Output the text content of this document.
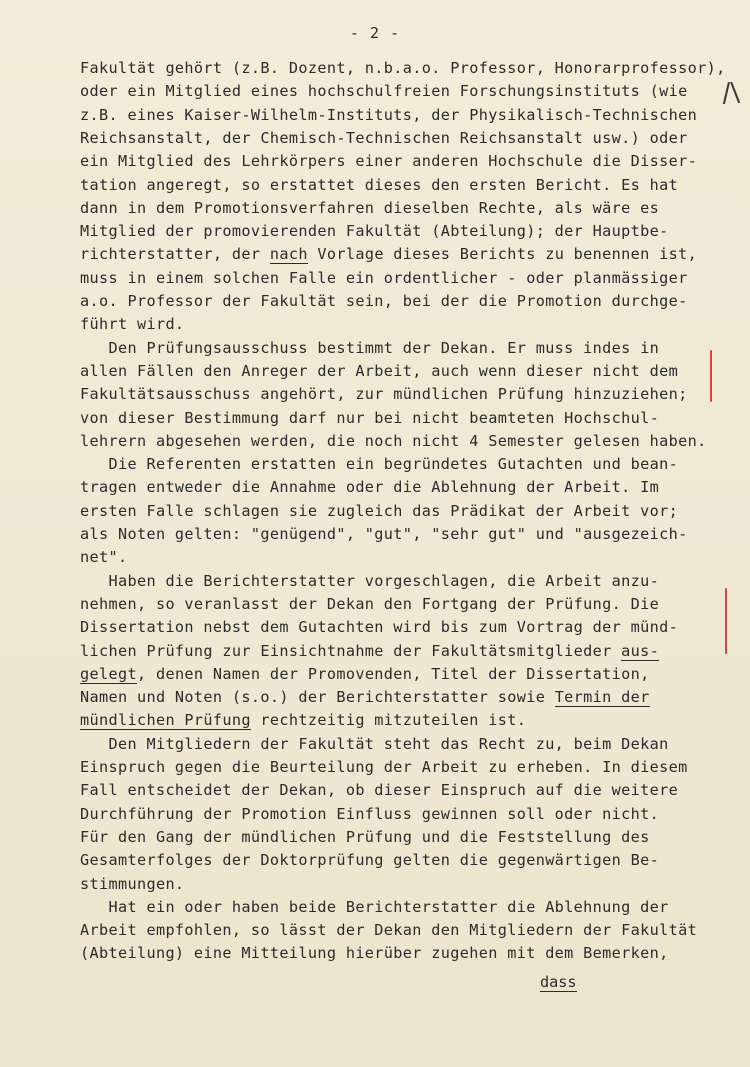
- 2 -
/\
Fakultät gehört (z.B. Dozent, n.b.a.o. Professor, Honorarprofessor),
oder ein Mitglied eines hochschulfreien Forschungsinstituts (wie
z.B. eines Kaiser-Wilhelm-Instituts, der Physikalisch-Technischen
Reichsanstalt, der Chemisch-Technischen Reichsanstalt usw.) oder
ein Mitglied des Lehrkörpers einer anderen Hochschule die Disser-
tation angeregt, so erstattet dieses den ersten Bericht. Es hat
dann in dem Promotionsverfahren dieselben Rechte, als wäre es
Mitglied der promovierenden Fakultät (Abteilung); der Hauptbe-
richterstatter, der nach Vorlage dieses Berichts zu benennen ist,
muss in einem solchen Falle ein ordentlicher - oder planmässiger
a.o. Professor der Fakultät sein, bei der die Promotion durchge-
führt wird.
Den Prüfungsausschuss bestimmt der Dekan. Er muss indes in
allen Fällen den Anreger der Arbeit, auch wenn dieser nicht dem
Fakultätsausschuss angehört, zur mündlichen Prüfung hinzuziehen;
von dieser Bestimmung darf nur bei nicht beamteten Hochschul-
lehrern abgesehen werden, die noch nicht 4 Semester gelesen haben.
Die Referenten erstatten ein begründetes Gutachten und bean-
tragen entweder die Annahme oder die Ablehnung der Arbeit. Im
ersten Falle schlagen sie zugleich das Prädikat der Arbeit vor;
als Noten gelten: "genügend", "gut", "sehr gut" und "ausgezeich-
net".
Haben die Berichterstatter vorgeschlagen, die Arbeit anzu-
nehmen, so veranlasst der Dekan den Fortgang der Prüfung. Die
Dissertation nebst dem Gutachten wird bis zum Vortrag der münd-
lichen Prüfung zur Einsichtnahme der Fakultätsmitglieder aus-
gelegt, denen Namen der Promovenden, Titel der Dissertation,
Namen und Noten (s.o.) der Berichterstatter sowie Termin der
mündlichen Prüfung rechtzeitig mitzuteilen ist.
Den Mitgliedern der Fakultät steht das Recht zu, beim Dekan
Einspruch gegen die Beurteilung der Arbeit zu erheben. In diesem
Fall entscheidet der Dekan, ob dieser Einspruch auf die weitere
Durchführung der Promotion Einfluss gewinnen soll oder nicht.
Für den Gang der mündlichen Prüfung und die Feststellung des
Gesamterfolges der Doktorprüfung gelten die gegenwärtigen Be-
stimmungen.
Hat ein oder haben beide Berichterstatter die Ablehnung der
Arbeit empfohlen, so lässt der Dekan den Mitgliedern der Fakultät
(Abteilung) eine Mitteilung hierüber zugehen mit dem Bemerken,
dass
